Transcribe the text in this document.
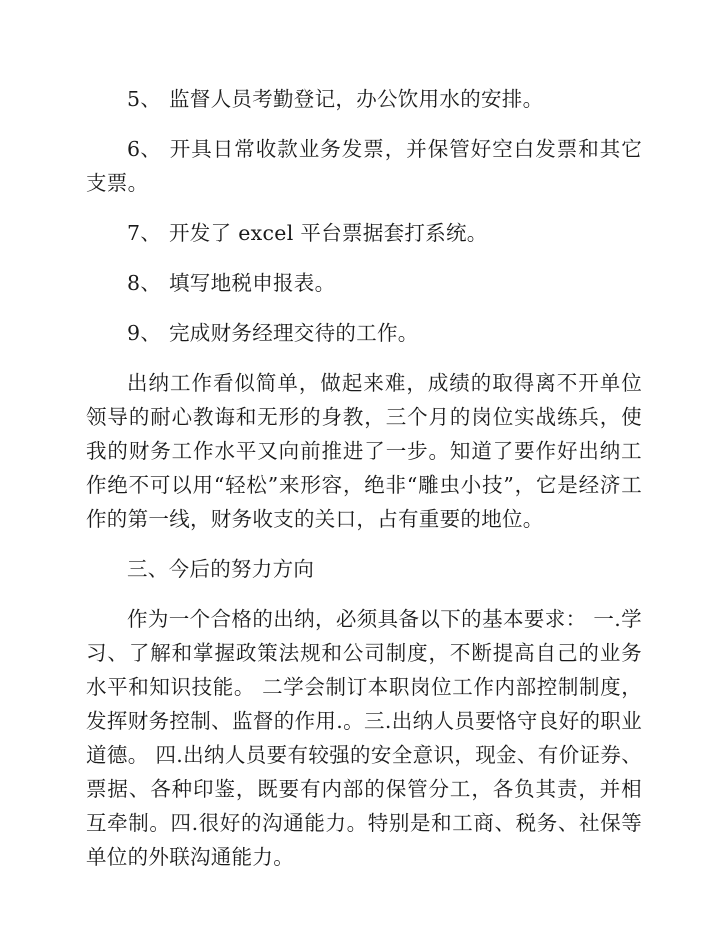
5、 监督人员考勤登记，办公饮用水的安排。

6、 开具日常收款业务发票，并保管好空白发票和其它支票。

7、 开发了 excel 平台票据套打系统。

8、 填写地税申报表。

9、 完成财务经理交待的工作。

出纳工作看似简单，做起来难，成绩的取得离不开单位领导的耐心教诲和无形的身教，三个月的岗位实战练兵，使我的财务工作水平又向前推进了一步。知道了要作好出纳工作绝不可以用“轻松”来形容，绝非“雕虫小技”，它是经济工作的第一线，财务收支的关口，占有重要的地位。

三、今后的努力方向

作为一个合格的出纳，必须具备以下的基本要求： 一.学习、了解和掌握政策法规和公司制度，不断提高自己的业务水平和知识技能。 二学会制订本职岗位工作内部控制制度，发挥财务控制、监督的作用.。三.出纳人员要恪守良好的职业道德。 四.出纳人员要有较强的安全意识，现金、有价证券、票据、各种印鉴，既要有内部的保管分工，各负其责，并相互牵制。四.很好的沟通能力。特别是和工商、税务、社保等单位的外联沟通能力。
